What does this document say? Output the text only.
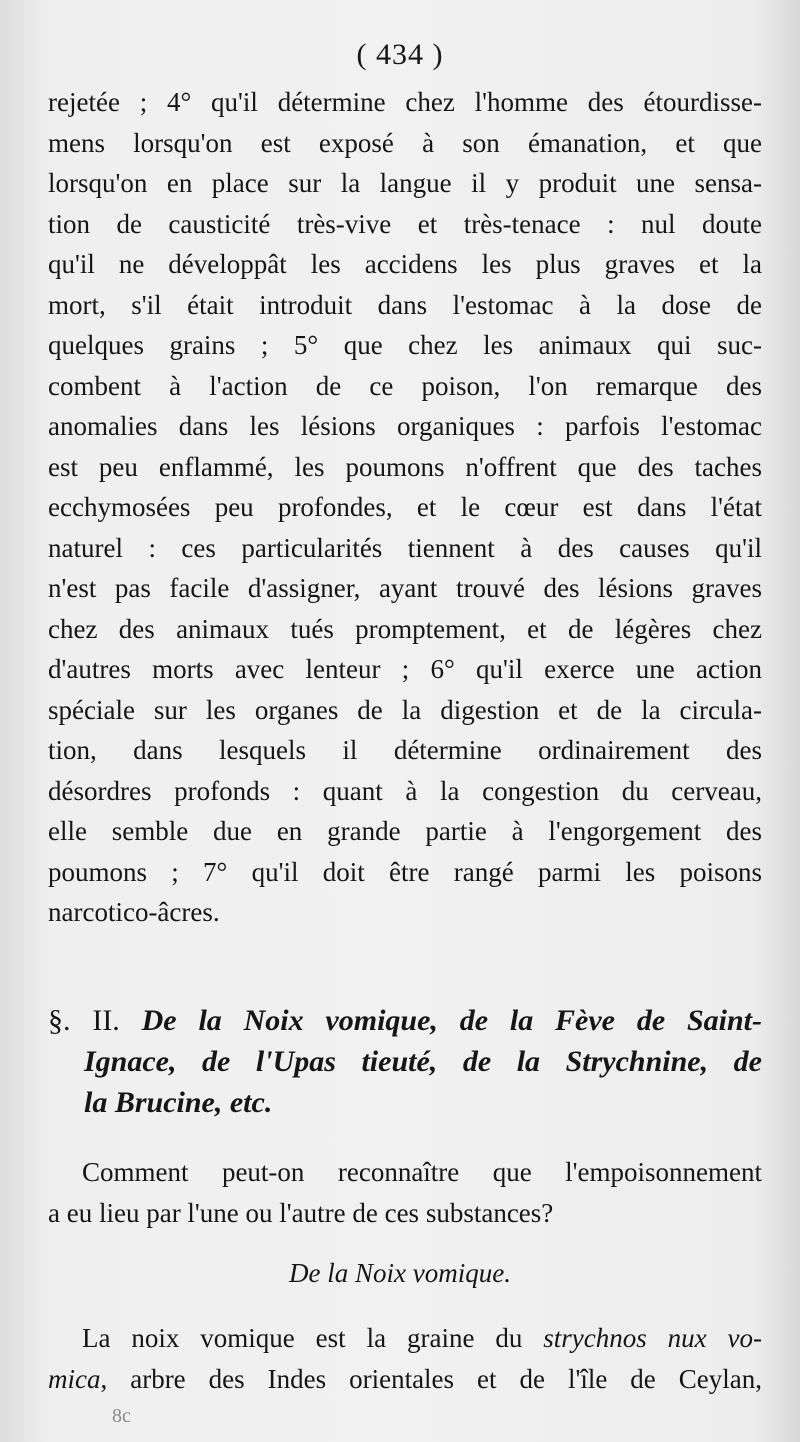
( 434 )
rejetée ; 4° qu'il détermine chez l'homme des étourdisse-
mens lorsqu'on est exposé à son émanation, et que
lorsqu'on en place sur la langue il y produit une sensa-
tion de causticité très-vive et très-tenace : nul doute
qu'il ne développât les accidens les plus graves et la
mort, s'il était introduit dans l'estomac à la dose de
quelques grains ; 5° que chez les animaux qui suc-
combent à l'action de ce poison, l'on remarque des
anomalies dans les lésions organiques : parfois l'estomac
est peu enflammé, les poumons n'offrent que des taches
ecchymosées peu profondes, et le cœur est dans l'état
naturel : ces particularités tiennent à des causes qu'il
n'est pas facile d'assigner, ayant trouvé des lésions graves
chez des animaux tués promptement, et de légères chez
d'autres morts avec lenteur ; 6° qu'il exerce une action
spéciale sur les organes de la digestion et de la circula-
tion, dans lesquels il détermine ordinairement des
désordres profonds : quant à la congestion du cerveau,
elle semble due en grande partie à l'engorgement des
poumons ; 7° qu'il doit être rangé parmi les poisons
narcotico-âcres.
§. II. De la Noix vomique, de la Fève de Saint-
Ignace, de l'Upas tieuté, de la Strychnine, de
la Brucine, etc.
Comment peut-on reconnaître que l'empoisonnement
a eu lieu par l'une ou l'autre de ces substances?
De la Noix vomique.
La noix vomique est la graine du strychnos nux vo-
mica, arbre des Indes orientales et de l'île de Ceylan,
8c
